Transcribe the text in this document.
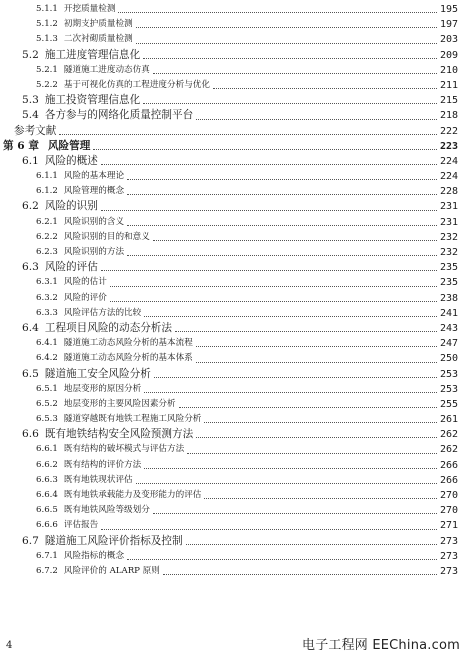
5.1.1 开挖质量检测	195
5.1.2 初期支护质量检测	197
5.1.3 二次衬砌质量检测	203
5.2 施工进度管理信息化	209
5.2.1 隧道施工进度动态仿真	210
5.2.2 基于可视化仿真的工程进度分析与优化	211
5.3 施工投资管理信息化	215
5.4 各方参与的网络化质量控制平台	218
参考文献	222
第 6 章 风险管理	223
6.1 风险的概述	224
6.1.1 风险的基本理论	224
6.1.2 风险管理的概念	228
6.2 风险的识别	231
6.2.1 风险识别的含义	231
6.2.2 风险识别的目的和意义	232
6.2.3 风险识别的方法	232
6.3 风险的评估	235
6.3.1 风险的估计	235
6.3.2 风险的评价	238
6.3.3 风险评估方法的比较	241
6.4 工程项目风险的动态分析法	243
6.4.1 隧道施工动态风险分析的基本流程	247
6.4.2 隧道施工动态风险分析的基本体系	250
6.5 隧道施工安全风险分析	253
6.5.1 地层变形的原因分析	253
6.5.2 地层变形的主要风险因素分析	255
6.5.3 隧道穿越既有地铁工程施工风险分析	261
6.6 既有地铁结构安全风险预测方法	262
6.6.1 既有结构的破坏模式与评估方法	262
6.6.2 既有结构的评价方法	266
6.6.3 既有地铁现状评估	266
6.6.4 既有地铁承载能力及变形能力的评估	270
6.6.5 既有地铁风险等级划分	270
6.6.6 评估报告	271
6.7 隧道施工风险评价指标及控制	273
6.7.1 风险指标的概念	273
6.7.2 风险评价的 ALARP 原则	273
4	电子工程网 EEChina.com
